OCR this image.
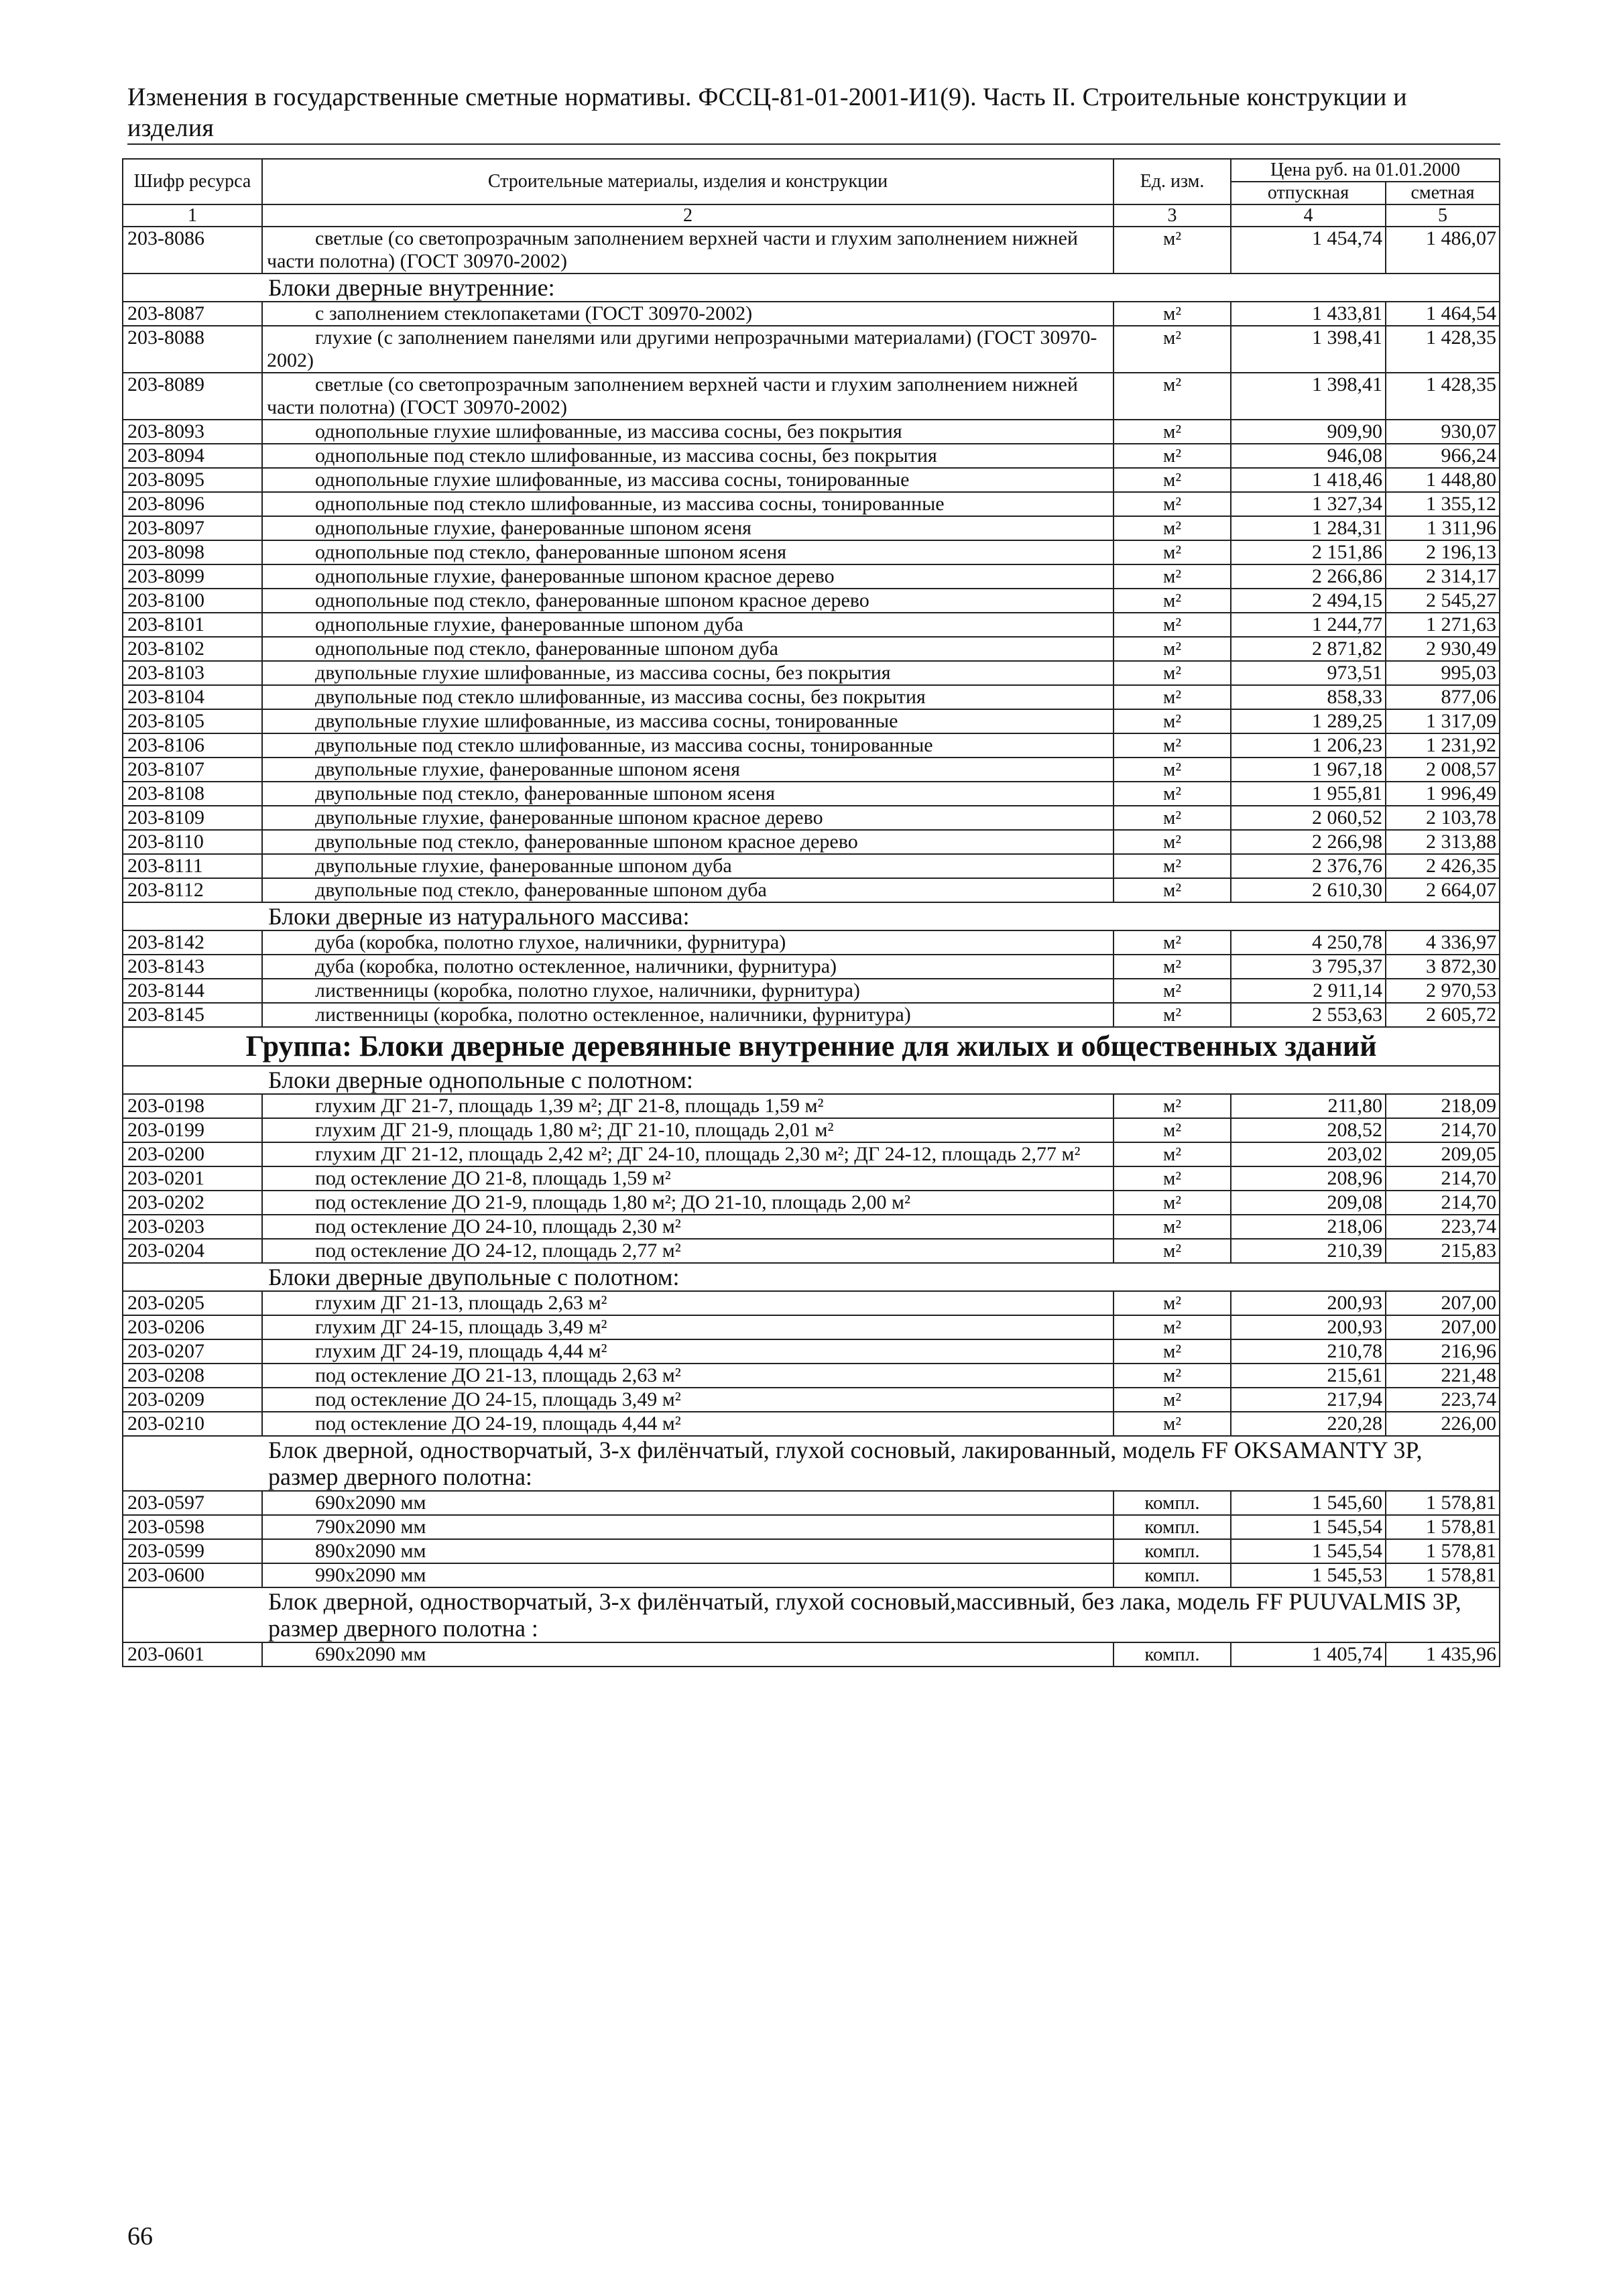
Изменения в государственные сметные нормативы. ФССЦ-81-01-2001-И1(9). Часть II. Строительные конструкции и
изделия
Шифр ресурса	Строительные материалы, изделия и конструкции	Ед. изм.	Цена руб. на 01.01.2000	
			отпускная	сметная
1	2	3	4	5
203-8086	светлые (со светопрозрачным заполнением верхней части и глухим заполнением нижней части полотна) (ГОСТ 30970-2002)	м²	1 454,74	1 486,07
Блоки дверные внутренние:				
203-8087	с заполнением стеклопакетами (ГОСТ 30970-2002)	м²	1 433,81	1 464,54
203-8088	глухие (с заполнением панелями или другими непрозрачными материалами) (ГОСТ 30970-2002)	м²	1 398,41	1 428,35
203-8089	светлые (со светопрозрачным заполнением верхней части и глухим заполнением нижней части полотна) (ГОСТ 30970-2002)	м²	1 398,41	1 428,35
203-8093	однопольные глухие шлифованные, из массива сосны, без покрытия	м²	909,90	930,07
203-8094	однопольные под стекло шлифованные, из массива сосны, без покрытия	м²	946,08	966,24
203-8095	однопольные глухие шлифованные, из массива сосны, тонированные	м²	1 418,46	1 448,80
203-8096	однопольные под стекло шлифованные, из массива сосны, тонированные	м²	1 327,34	1 355,12
203-8097	однопольные глухие, фанерованные шпоном ясеня	м²	1 284,31	1 311,96
203-8098	однопольные под стекло, фанерованные шпоном ясеня	м²	2 151,86	2 196,13
203-8099	однопольные глухие, фанерованные шпоном красное дерево	м²	2 266,86	2 314,17
203-8100	однопольные под стекло, фанерованные шпоном красное дерево	м²	2 494,15	2 545,27
203-8101	однопольные глухие, фанерованные шпоном дуба	м²	1 244,77	1 271,63
203-8102	однопольные под стекло, фанерованные шпоном дуба	м²	2 871,82	2 930,49
203-8103	двупольные глухие шлифованные, из массива сосны, без покрытия	м²	973,51	995,03
203-8104	двупольные под стекло шлифованные, из массива сосны, без покрытия	м²	858,33	877,06
203-8105	двупольные глухие шлифованные, из массива сосны, тонированные	м²	1 289,25	1 317,09
203-8106	двупольные под стекло шлифованные, из массива сосны, тонированные	м²	1 206,23	1 231,92
203-8107	двупольные глухие, фанерованные шпоном ясеня	м²	1 967,18	2 008,57
203-8108	двупольные под стекло, фанерованные шпоном ясеня	м²	1 955,81	1 996,49
203-8109	двупольные глухие, фанерованные шпоном красное дерево	м²	2 060,52	2 103,78
203-8110	двупольные под стекло, фанерованные шпоном красное дерево	м²	2 266,98	2 313,88
203-8111	двупольные глухие, фанерованные шпоном дуба	м²	2 376,76	2 426,35
203-8112	двупольные под стекло, фанерованные шпоном дуба	м²	2 610,30	2 664,07
Блоки дверные из натурального массива:				
203-8142	дуба (коробка, полотно глухое, наличники, фурнитура)	м²	4 250,78	4 336,97
203-8143	дуба (коробка, полотно остекленное, наличники, фурнитура)	м²	3 795,37	3 872,30
203-8144	лиственницы (коробка, полотно глухое, наличники, фурнитура)	м²	2 911,14	2 970,53
203-8145	лиственницы (коробка, полотно остекленное, наличники, фурнитура)	м²	2 553,63	2 605,72
Группа: Блоки дверные деревянные внутренние для жилых и общественных зданий				
Блоки дверные однопольные с полотном:				
203-0198	глухим ДГ 21-7, площадь 1,39 м²; ДГ 21-8, площадь 1,59 м²	м²	211,80	218,09
203-0199	глухим ДГ 21-9, площадь 1,80 м²; ДГ 21-10, площадь 2,01 м²	м²	208,52	214,70
203-0200	глухим ДГ 21-12, площадь 2,42 м²; ДГ 24-10, площадь 2,30 м²; ДГ 24-12, площадь 2,77 м²	м²	203,02	209,05
203-0201	под остекление ДО 21-8, площадь 1,59 м²	м²	208,96	214,70
203-0202	под остекление ДО 21-9, площадь 1,80 м²; ДО 21-10, площадь 2,00 м²	м²	209,08	214,70
203-0203	под остекление ДО 24-10, площадь 2,30 м²	м²	218,06	223,74
203-0204	под остекление ДО 24-12, площадь 2,77 м²	м²	210,39	215,83
Блоки дверные двупольные с полотном:				
203-0205	глухим ДГ 21-13, площадь 2,63 м²	м²	200,93	207,00
203-0206	глухим ДГ 24-15, площадь 3,49 м²	м²	200,93	207,00
203-0207	глухим ДГ 24-19, площадь 4,44 м²	м²	210,78	216,96
203-0208	под остекление ДО 21-13, площадь 2,63 м²	м²	215,61	221,48
203-0209	под остекление ДО 24-15, площадь 3,49 м²	м²	217,94	223,74
203-0210	под остекление ДО 24-19, площадь 4,44 м²	м²	220,28	226,00
Блок дверной, одностворчатый, 3-х филёнчатый, глухой сосновый, лакированный, модель FF OKSAMANTY 3P, размер дверного полотна:				
203-0597	690x2090 мм	компл.	1 545,60	1 578,81
203-0598	790x2090 мм	компл.	1 545,54	1 578,81
203-0599	890x2090 мм	компл.	1 545,54	1 578,81
203-0600	990x2090 мм	компл.	1 545,53	1 578,81
Блок дверной, одностворчатый, 3-х филёнчатый, глухой сосновый,массивный, без лака, модель FF PUUVALMIS 3P, размер дверного полотна :				
203-0601	690x2090 мм	компл.	1 405,74	1 435,96
66
